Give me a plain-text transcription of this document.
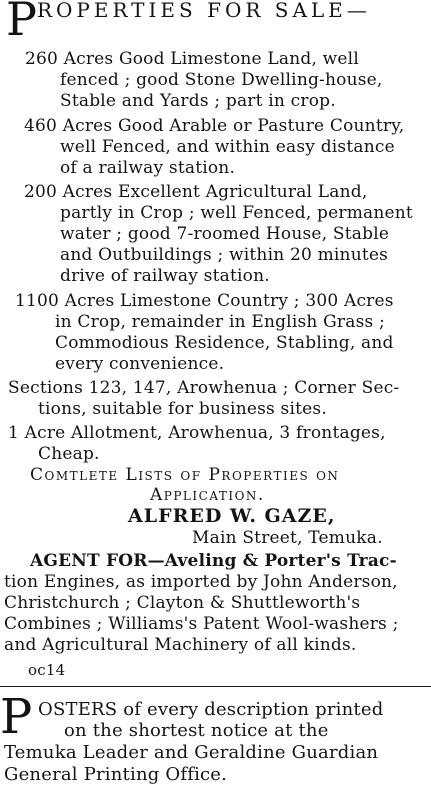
PROPERTIES FOR SALE—
260 Acres Good Limestone Land, well
fenced ; good Stone Dwelling-house,
Stable and Yards ; part in crop.
460 Acres Good Arable or Pasture Country,
well Fenced, and within easy distance
of a railway station.
200 Acres Excellent Agricultural Land,
partly in Crop ; well Fenced, permanent
water ; good 7-roomed House, Stable
and Outbuildings ; within 20 minutes
drive of railway station.
1100 Acres Limestone Country ; 300 Acres
in Crop, remainder in English Grass ;
Commodious Residence, Stabling, and
every convenience.
Sections 123, 147, Arowhenua ; Corner Sec-
tions, suitable for business sites.
1 Acre Allotment, Arowhenua, 3 frontages,
Cheap.
Comtlete Lists of Properties on
Application.
ALFRED W. GAZE,
Main Street, Temuka.
AGENT FOR—Aveling & Porter's Trac-
tion Engines, as imported by John Anderson,
Christchurch ; Clayton & Shuttleworth's
Combines ; Williams's Patent Wool-washers ;
and Agricultural Machinery of all kinds.
oc14
P OSTERS of every description printed
on the shortest notice at the
Temuka Leader and Geraldine Guardian
General Printing Office.
